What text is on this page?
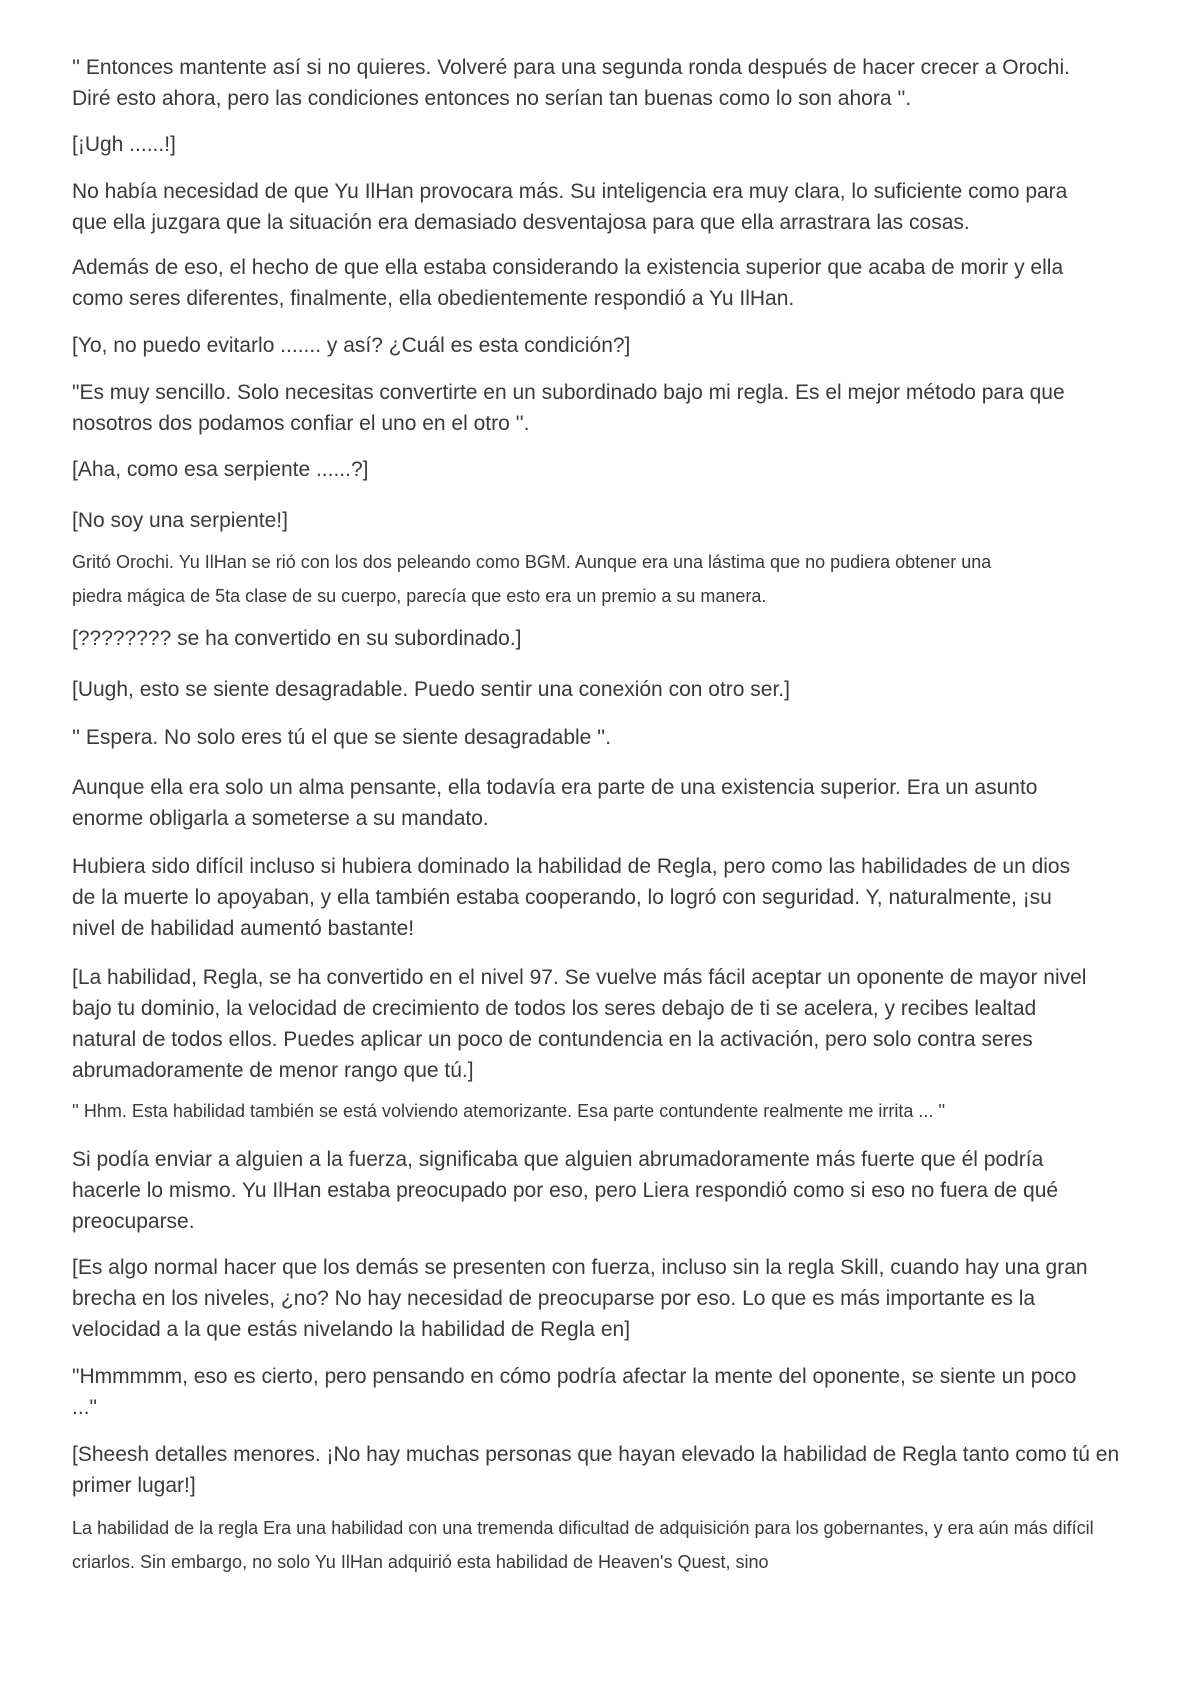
'' Entonces mantente así si no quieres. Volveré para una segunda ronda después de hacer crecer a Orochi. Diré esto ahora, pero las condiciones entonces no serían tan buenas como lo son ahora ''.

[¡Ugh ......!]

No había necesidad de que Yu IlHan provocara más. Su inteligencia era muy clara, lo suficiente como para que ella juzgara que la situación era demasiado desventajosa para que ella arrastrara las cosas.

Además de eso, el hecho de que ella estaba considerando la existencia superior que acaba de morir y ella como seres diferentes, finalmente, ella obedientemente respondió a Yu IlHan.

[Yo, no puedo evitarlo ....... y así? ¿Cuál es esta condición?]

"Es muy sencillo. Solo necesitas convertirte en un subordinado bajo mi regla. Es el mejor método para que nosotros dos podamos confiar el uno en el otro ''.

[Aha, como esa serpiente ......?]

[No soy una serpiente!]

Gritó Orochi. Yu IlHan se rió con los dos peleando como BGM. Aunque era una lástima que no pudiera obtener una piedra mágica de 5ta clase de su cuerpo, parecía que esto era un premio a su manera.

[???????? se ha convertido en su subordinado.]

[Uugh, esto se siente desagradable. Puedo sentir una conexión con otro ser.]

'' Espera. No solo eres tú el que se siente desagradable ''.

Aunque ella era solo un alma pensante, ella todavía era parte de una existencia superior. Era un asunto enorme obligarla a someterse a su mandato.

Hubiera sido difícil incluso si hubiera dominado la habilidad de Regla, pero como las habilidades de un dios de la muerte lo apoyaban, y ella también estaba cooperando, lo logró con seguridad. Y, naturalmente, ¡su nivel de habilidad aumentó bastante!

[La habilidad, Regla, se ha convertido en el nivel 97. Se vuelve más fácil aceptar un oponente de mayor nivel bajo tu dominio, la velocidad de crecimiento de todos los seres debajo de ti se acelera, y recibes lealtad natural de todos ellos. Puedes aplicar un poco de contundencia en la activación, pero solo contra seres abrumadoramente de menor rango que tú.]

'' Hhm. Esta habilidad también se está volviendo atemorizante. Esa parte contundente realmente me irrita ... ''

Si podía enviar a alguien a la fuerza, significaba que alguien abrumadoramente más fuerte que él podría hacerle lo mismo. Yu IlHan estaba preocupado por eso, pero Liera respondió como si eso no fuera de qué preocuparse.

[Es algo normal hacer que los demás se presenten con fuerza, incluso sin la regla Skill, cuando hay una gran brecha en los niveles, ¿no? No hay necesidad de preocuparse por eso. Lo que es más importante es la velocidad a la que estás nivelando la habilidad de Regla en]

"Hmmmmm, eso es cierto, pero pensando en cómo podría afectar la mente del oponente, se siente un poco ..."

[Sheesh detalles menores. ¡No hay muchas personas que hayan elevado la habilidad de Regla tanto como tú en primer lugar!]

La habilidad de la regla Era una habilidad con una tremenda dificultad de adquisición para los gobernantes, y era aún más difícil criarlos. Sin embargo, no solo Yu IlHan adquirió esta habilidad de Heaven's Quest, sino
